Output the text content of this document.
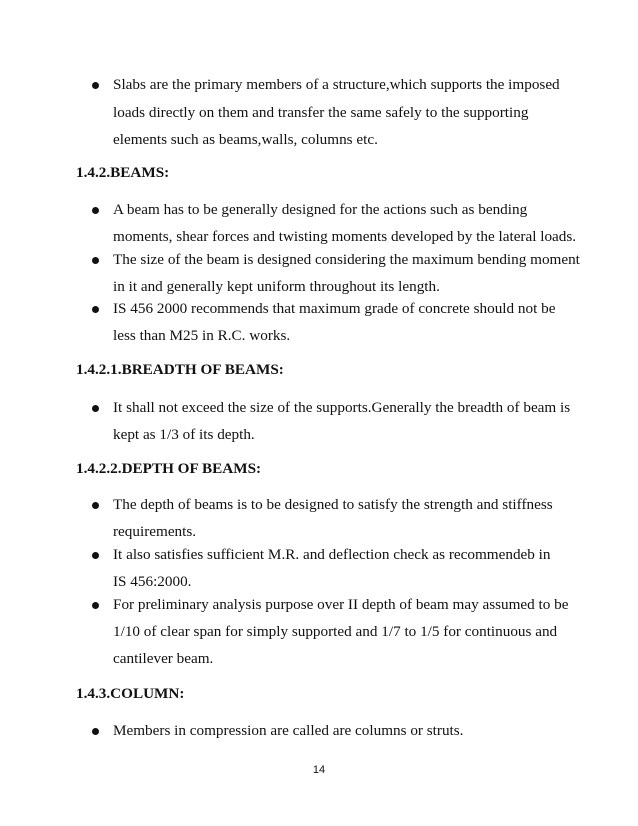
Slabs are the primary members of a structure,which supports the imposed
loads directly on them and transfer the same safely to the supporting
elements such as beams,walls, columns etc.
1.4.2.BEAMS:
A beam has to be generally designed for the actions such as bending
moments, shear forces and twisting moments developed by the lateral loads.
The size of the beam is designed considering the maximum bending moment
in it and generally kept uniform throughout its length.
IS 456 2000 recommends that maximum grade of concrete should not be
less than M25 in R.C. works.
1.4.2.1.BREADTH OF BEAMS:
It shall not exceed the size of the supports.Generally the breadth of beam is
kept as 1/3 of its depth.
1.4.2.2.DEPTH OF BEAMS:
The depth of beams is to be designed to satisfy the strength and stiffness
requirements.
It also satisfies sufficient M.R. and deflection check as recommendeb in
IS 456:2000.
For preliminary analysis purpose over II depth of beam may assumed to be
1/10 of clear span for simply supported and 1/7 to 1/5 for continuous and
cantilever beam.
1.4.3.COLUMN:
Members in compression are called are columns or struts.
14
